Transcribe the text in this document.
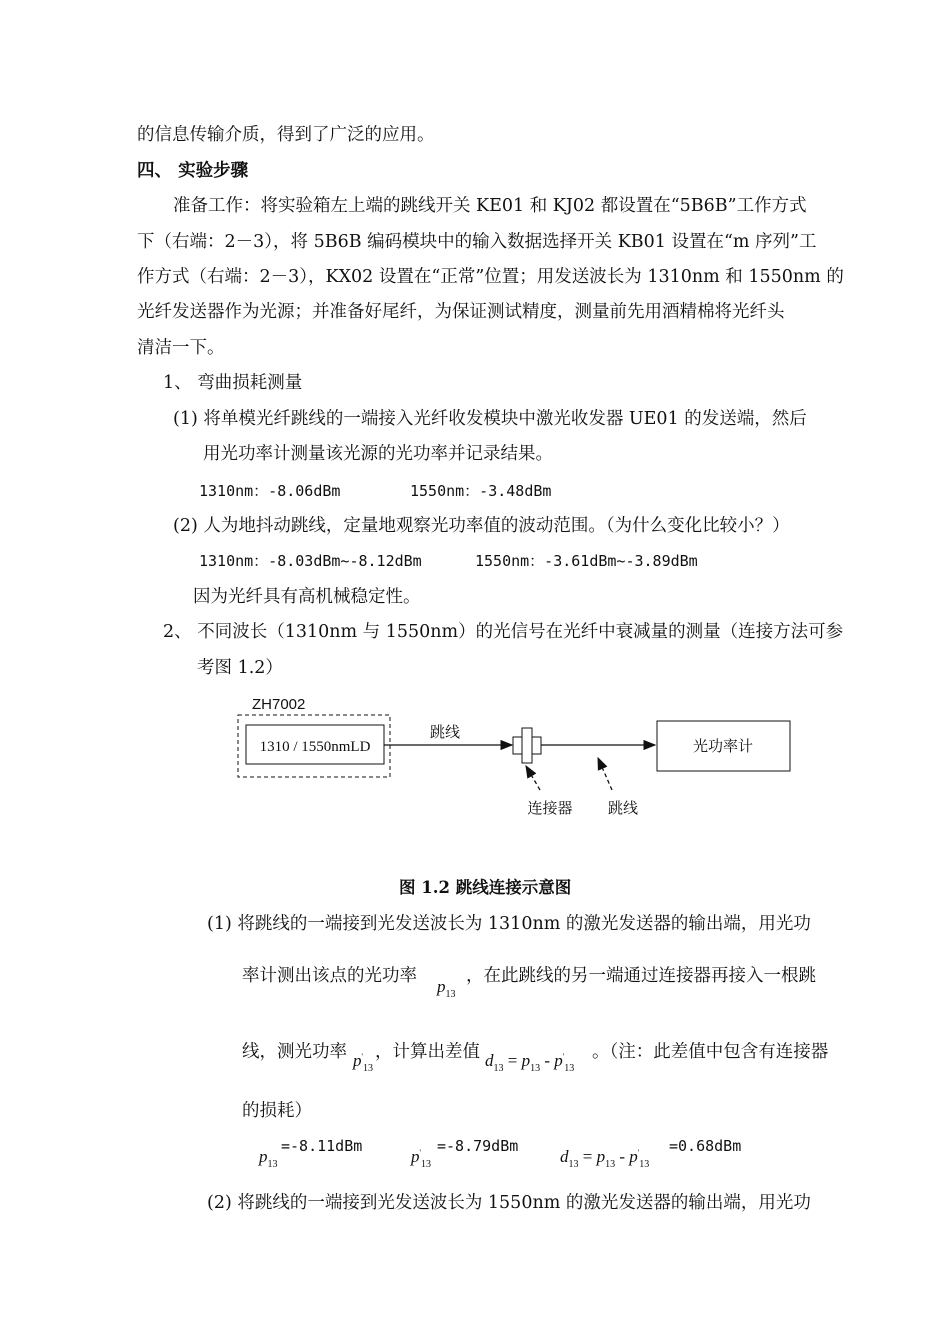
的信息传输介质，得到了广泛的应用。
四、 实验步骤
准备工作：将实验箱左上端的跳线开关 KE01 和 KJ02 都设置在“5B6B”工作方式
下（右端：2－3），将 5B6B 编码模块中的输入数据选择开关 KB01 设置在“m 序列”工
作方式（右端：2－3），KX02 设置在“正常”位置；用发送波长为 1310nm 和 1550nm 的
光纤发送器作为光源；并准备好尾纤，为保证测试精度，测量前先用酒精棉将光纤头
清洁一下。
1、 弯曲损耗测量
(1) 将单模光纤跳线的一端接入光纤收发模块中激光收发器 UE01 的发送端，然后
用光功率计测量该光源的光功率并记录结果。
1310nm：-8.06dBm	1550nm：-3.48dBm
(2) 人为地抖动跳线，定量地观察光功率值的波动范围。（为什么变化比较小？）
1310nm：-8.03dBm~-8.12dBm	1550nm：-3.61dBm~-3.89dBm
因为光纤具有高机械稳定性。
2、 不同波长（1310nm 与 1550nm）的光信号在光纤中衰减量的测量（连接方法可参
考图 1.2）
ZH7002
1310 / 1550nmLD
跳线
光功率计
连接器 跳线
图 1.2 跳线连接示意图
(1) 将跳线的一端接到光发送波长为 1310nm 的激光发送器的输出端，用光功
率计测出该点的光功率
$p_{13}$
，在此跳线的另一端通过连接器再接入一根跳
线，测光功率 $p'_{13}$
，计算出差值 $d_{13} = p_{13} - p'_{13}$
。（注：此差值中包含有连接器
的损耗）
$p_{13}$
=-8.11dBm
$p'_{13}$
=-8.79dBm
$d_{13} = p_{13} - p'_{13}$
=0.68dBm
(2) 将跳线的一端接到光发送波长为 1550nm 的激光发送器的输出端，用光功
